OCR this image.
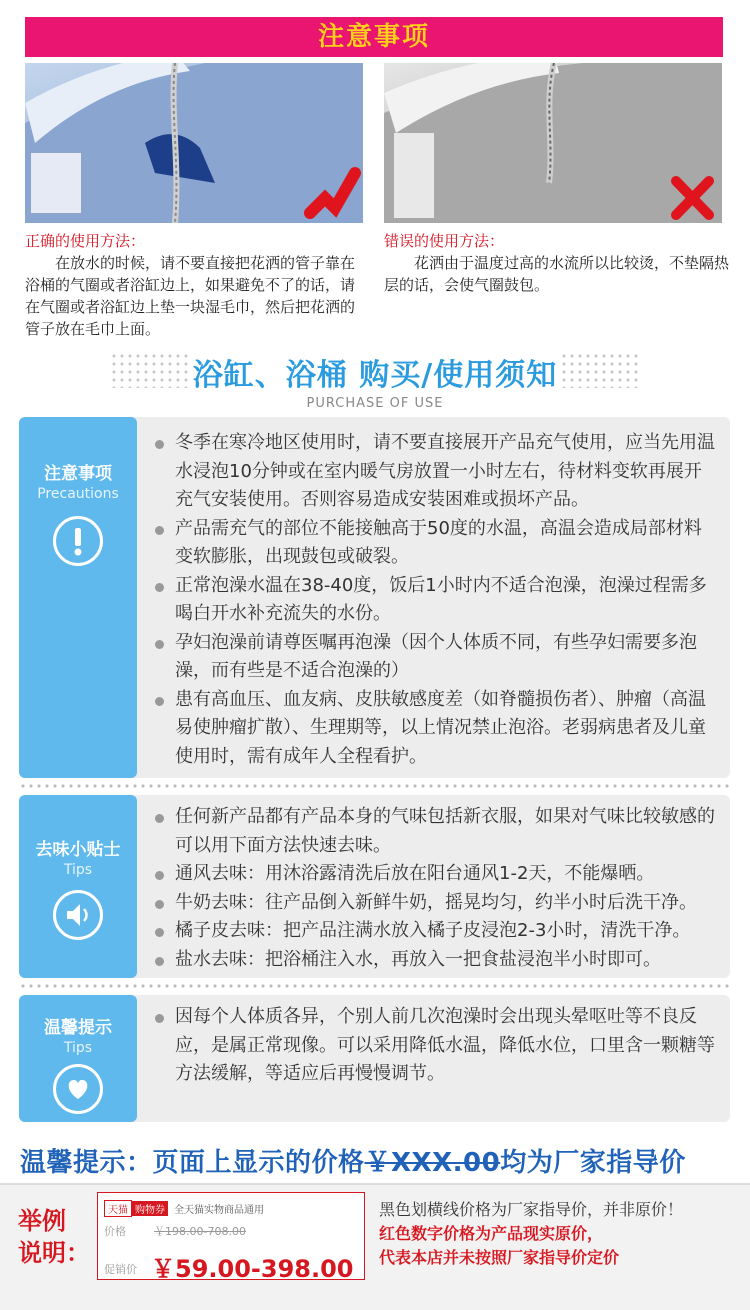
注意事项
正确的使用方法：

在放水的时候，请不要直接把花洒的管子靠在浴桶的气圈或者浴缸边上，如果避免不了的话，请在气圈或者浴缸边上垫一块湿毛巾，然后把花洒的管子放在毛巾上面。

错误的使用方法：

花洒由于温度过高的水流所以比较烫，不垫隔热层的话，会使气圈鼓包。

浴缸、浴桶 购买/使用须知
PURCHASE OF USE
注意事项
Precautions
冬季在寒冷地区使用时，请不要直接展开产品充气使用，应当先用温水浸泡10分钟或在室内暖气房放置一小时左右，待材料变软再展开充气安装使用。否则容易造成安装困难或损坏产品。
产品需充气的部位不能接触高于50度的水温，高温会造成局部材料变软膨胀，出现鼓包或破裂。
正常泡澡水温在38-40度，饭后1小时内不适合泡澡，泡澡过程需多喝白开水补充流失的水份。
孕妇泡澡前请尊医嘱再泡澡（因个人体质不同，有些孕妇需要多泡澡，而有些是不适合泡澡的）
患有高血压、血友病、皮肤敏感度差（如脊髓损伤者）、肿瘤（高温易使肿瘤扩散）、生理期等，以上情况禁止泡浴。老弱病患者及儿童使用时，需有成年人全程看护。
去味小贴士
Tips
任何新产品都有产品本身的气味包括新衣服，如果对气味比较敏感的可以用下面方法快速去味。
通风去味：用沐浴露清洗后放在阳台通风1-2天，不能爆晒。
牛奶去味：往产品倒入新鲜牛奶，摇晃均匀，约半小时后洗干净。
橘子皮去味：把产品注满水放入橘子皮浸泡2-3小时，清洗干净。
盐水去味：把浴桶注入水，再放入一把食盐浸泡半小时即可。
温馨提示
Tips
因每个人体质各异，个别人前几次泡澡时会出现头晕呕吐等不良反应，是属正常现像。可以采用降低水温，降低水位，口里含一颗糖等方法缓解，等适应后再慢慢调节。
温馨提示：页面上显示的价格￥XXX.00均为厂家指导价
举例
说明：
天猫 购物券 全天猫实物商品通用
价格	￥198.00-708.00
促销价 ￥59.00-398.00
黑色划横线价格为厂家指导价，并非原价！
红色数字价格为产品现实原价，
代表本店并未按照厂家指导价定价
